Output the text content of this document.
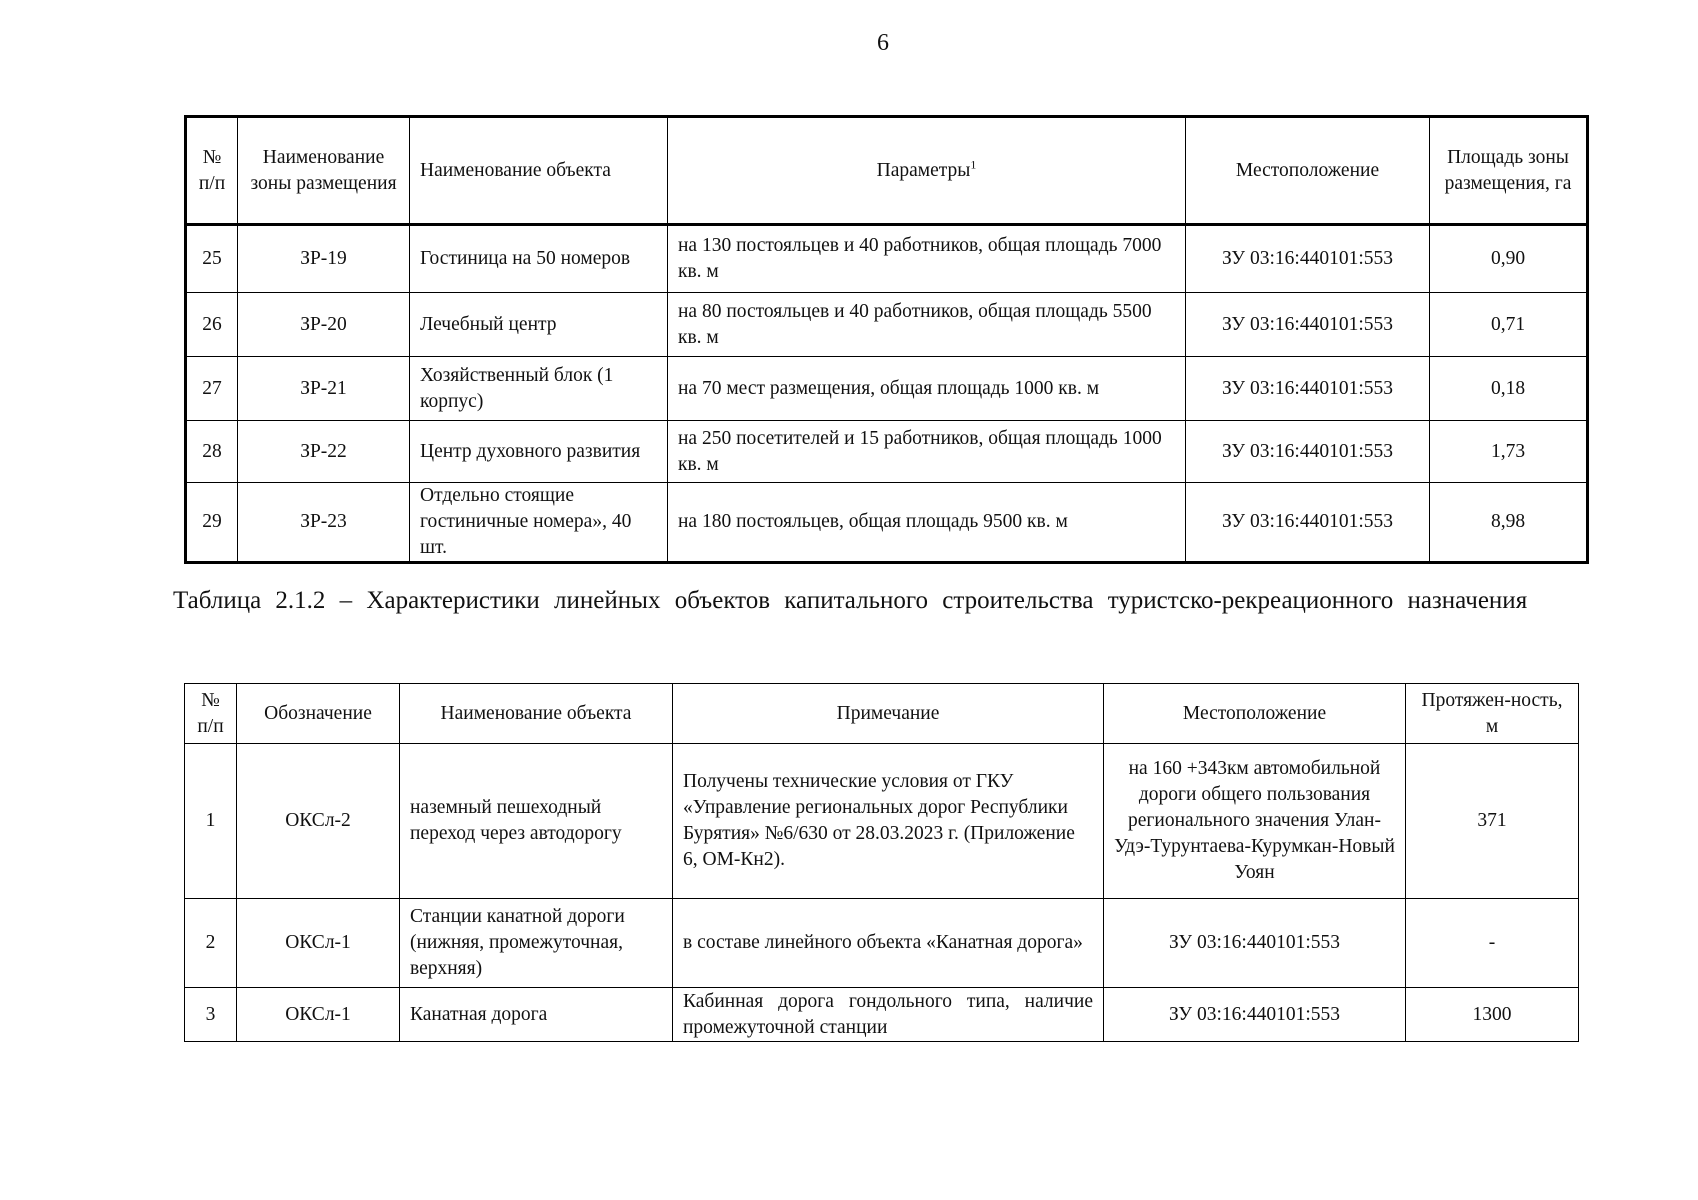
6
№ п/п	Наименование зоны размещения	Наименование объекта	Параметры$^1$	Местоположение	Площадь зоны размещения, га
25	ЗР-19	Гостиница на 50 номеров	на 130 постояльцев и 40 работников, общая площадь 7000 кв. м	ЗУ 03:16:440101:553	0,90
26	ЗР-20	Лечебный центр	на 80 постояльцев и 40 работников, общая площадь 5500 кв. м	ЗУ 03:16:440101:553	0,71
27	ЗР-21	Хозяйственный блок (1 корпус)	на 70 мест размещения, общая площадь 1000 кв. м	ЗУ 03:16:440101:553	0,18
28	ЗР-22	Центр духовного развития	на 250 посетителей и 15 работников, общая площадь 1000 кв. м	ЗУ 03:16:440101:553	1,73
29	ЗР-23	Отдельно стоящие гостиничные номера», 40 шт.	на 180 постояльцев, общая площадь 9500 кв. м	ЗУ 03:16:440101:553	8,98
Таблица 2.1.2 – Характеристики линейных объектов капитального строительства туристско-рекреационного назначения
№ п/п	Обозначение	Наименование объекта	Примечание	Местоположение	Протяжен-ность, м
1	ОКСл-2	наземный пешеходный переход через автодорогу	Получены технические условия от ГКУ «Управление региональных дорог Республики Бурятия» №6/630 от 28.03.2023 г. (Приложение 6, ОМ-Кн2).	на 160 +343км автомобильной дороги общего пользования регионального значения Улан-Удэ-Турунтаева-Курумкан-Новый Уоян	371
2	ОКСл-1	Станции канатной дороги (нижняя, промежуточная, верхняя)	в составе линейного объекта «Канатная дорога»	ЗУ 03:16:440101:553	-
3	ОКСл-1	Канатная дорога	Кабинная дорога гондольного типа, наличие промежуточной станции	ЗУ 03:16:440101:553	1300
